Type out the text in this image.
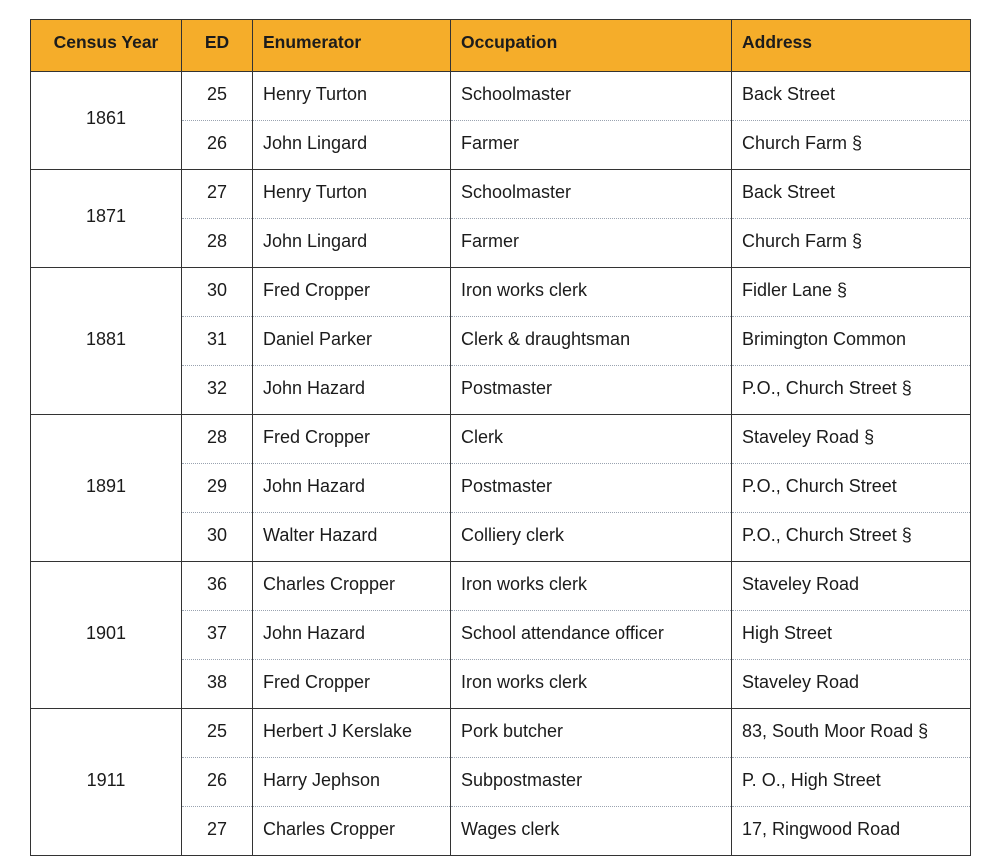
Census Year	ED	Enumerator	Occupation	Address
1861	25	Henry Turton	Schoolmaster	Back Street
	26	John Lingard	Farmer	Church Farm §
1871	27	Henry Turton	Schoolmaster	Back Street
	28	John Lingard	Farmer	Church Farm §
1881	30	Fred Cropper	Iron works clerk	Fidler Lane §
	31	Daniel Parker	Clerk & draughtsman	Brimington Common
	32	John Hazard	Postmaster	P.O., Church Street §
1891	28	Fred Cropper	Clerk	Staveley Road §
	29	John Hazard	Postmaster	P.O., Church Street
	30	Walter Hazard	Colliery clerk	P.O., Church Street §
1901	36	Charles Cropper	Iron works clerk	Staveley Road
	37	John Hazard	School attendance officer	High Street
	38	Fred Cropper	Iron works clerk	Staveley Road
1911	25	Herbert J Kerslake	Pork butcher	83, South Moor Road §
	26	Harry Jephson	Subpostmaster	P. O., High Street
	27	Charles Cropper	Wages clerk	17, Ringwood Road
